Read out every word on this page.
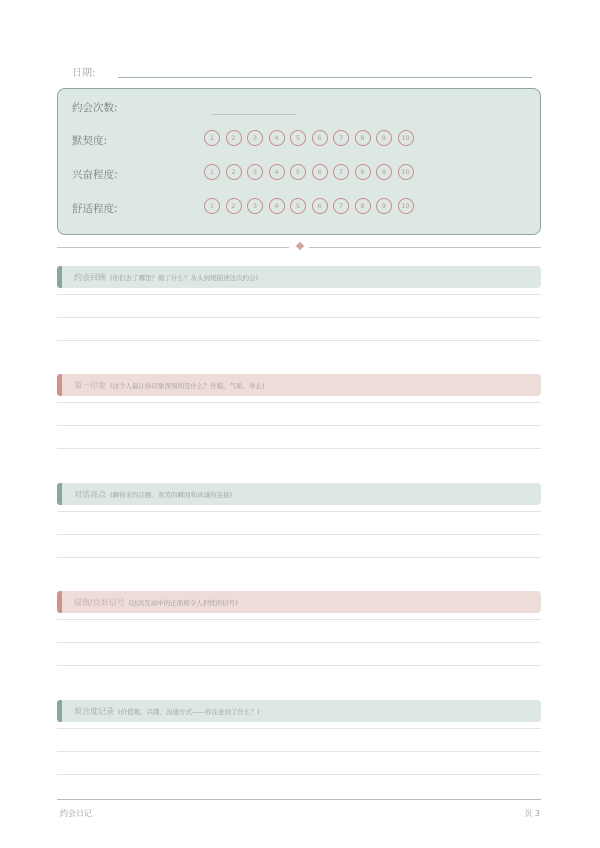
日期:
约会次数:
默契度:	1	2	3	4	5	6	7	8	9	10
兴奋程度:	1	2	3	4	5	6	7	8	9	10
舒适程度:	1	2	3	4	5	6	7	8	9	10
约会回顾 (你们去了哪里？做了什么？从头到尾描述这次约会)
第一印象 (这个人最让你印象深刻的是什么？外貌、气质、举止)
对话亮点 (聊得来的话题、欢笑的瞬间和真诚的连接)
绿旗/良好信号 (这次互动中的正面和令人担忧的信号)
契合度记录 (价值观、兴趣、沟通方式——你注意到了什么？)
约会日记	页 3
